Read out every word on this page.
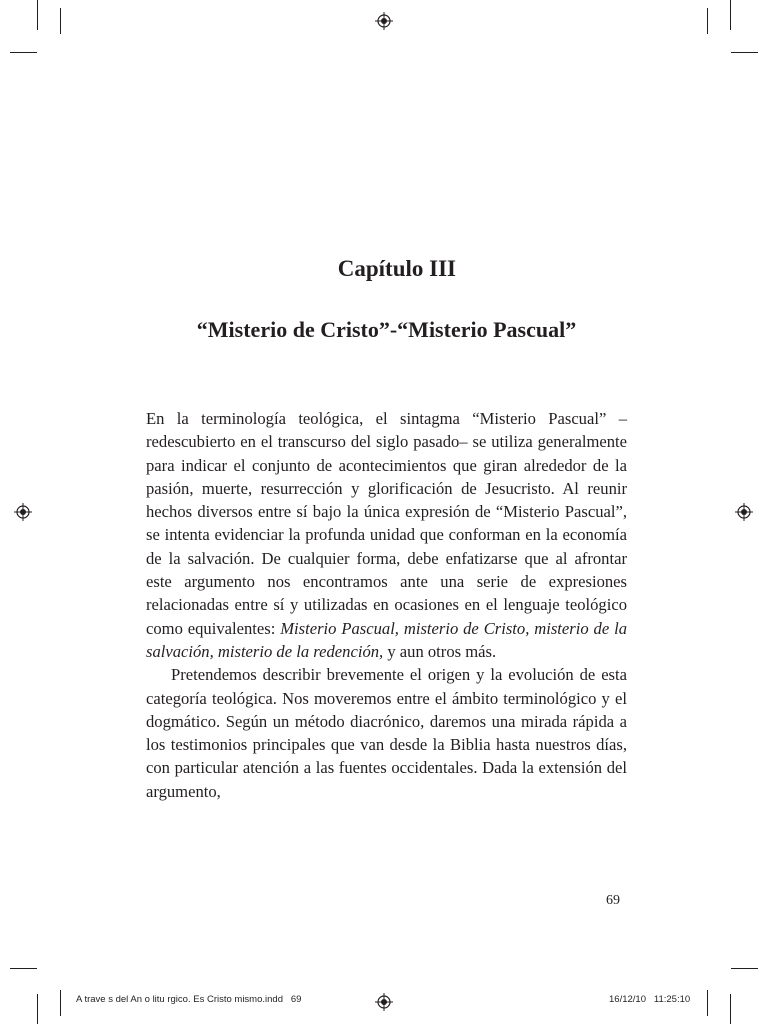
Capítulo III
“Misterio de Cristo”-“Misterio Pascual”

En la terminología teológica, el sintagma “Misterio Pascual” –redescubierto en el transcurso del siglo pasado– se utiliza generalmente para indicar el conjunto de acontecimientos que giran alrededor de la pasión, muerte, resurrección y glorificación de Jesucristo. Al reunir hechos diversos entre sí bajo la única expresión de “Misterio Pascual”, se intenta evidenciar la profunda unidad que conforman en la economía de la salvación. De cualquier forma, debe enfatizarse que al afrontar este argumento nos encontramos ante una serie de expresiones relacionadas entre sí y utilizadas en ocasiones en el lenguaje teológico como equivalentes: Misterio Pascual, misterio de Cristo, misterio de la salvación, misterio de la redención, y aun otros más.

Pretendemos describir brevemente el origen y la evolución de esta categoría teológica. Nos moveremos entre el ámbito terminológico y el dogmático. Según un método diacrónico, daremos una mirada rápida a los testimonios principales que van desde la Biblia hasta nuestros días, con particular atención a las fuentes occidentales. Dada la extensión del argumento,

69
A trave s del An o litu rgico. Es Cristo mismo.indd   69	16/12/10   11:25:10
